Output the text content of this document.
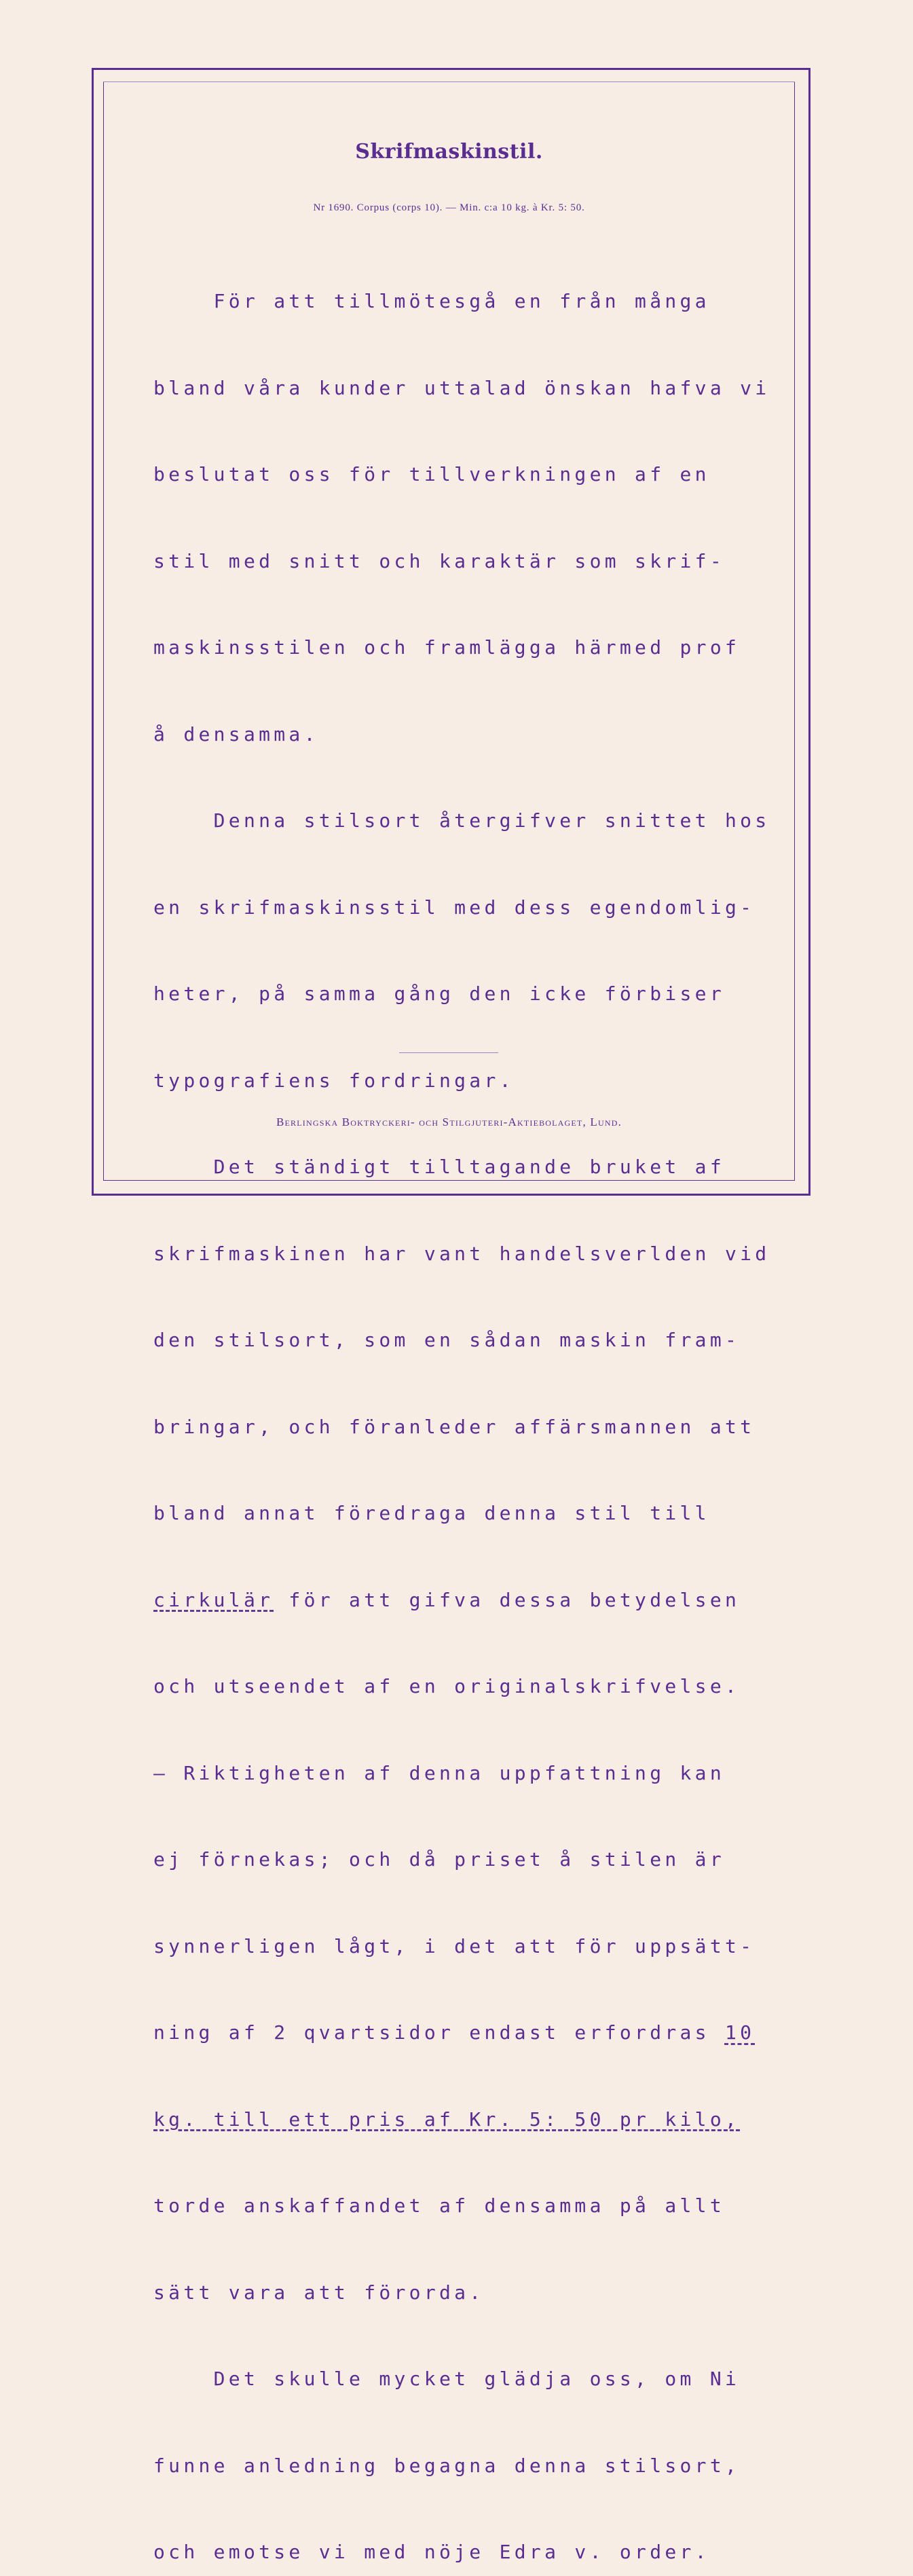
Skrifmaskinstil.
Nr 1690. Corpus (corps 10). — Min. c:a 10 kg. à Kr. 5: 50.

För att tillmötesgå en från många

bland våra kunder uttalad önskan hafva vi

beslutat oss för tillverkningen af en

stil med snitt och karaktär som skrif-

maskinsstilen och framlägga härmed prof

å densamma.

Denna stilsort återgifver snittet hos

en skrifmaskinsstil med dess egendomlig-

heter, på samma gång den icke förbiser

typografiens fordringar.

Det ständigt tilltagande bruket af

skrifmaskinen har vant handelsverlden vid

den stilsort, som en sådan maskin fram-

bringar, och föranleder affärsmannen att

bland annat föredraga denna stil till

cirkulär för att gifva dessa betydelsen

och utseendet af en originalskrifvelse.

— Riktigheten af denna uppfattning kan

ej förnekas; och då priset å stilen är

synnerligen lågt, i det att för uppsätt-

ning af 2 qvartsidor endast erfordras 10

kg. till ett pris af Kr. 5: 50 pr kilo,

torde anskaffandet af densamma på allt

sätt vara att förorda.

Det skulle mycket glädja oss, om Ni

funne anledning begagna denna stilsort,

och emotse vi med nöje Edra v. order.

Berlingska Boktryckeri- och Stilgjuteri-Aktiebolaget, Lund.
